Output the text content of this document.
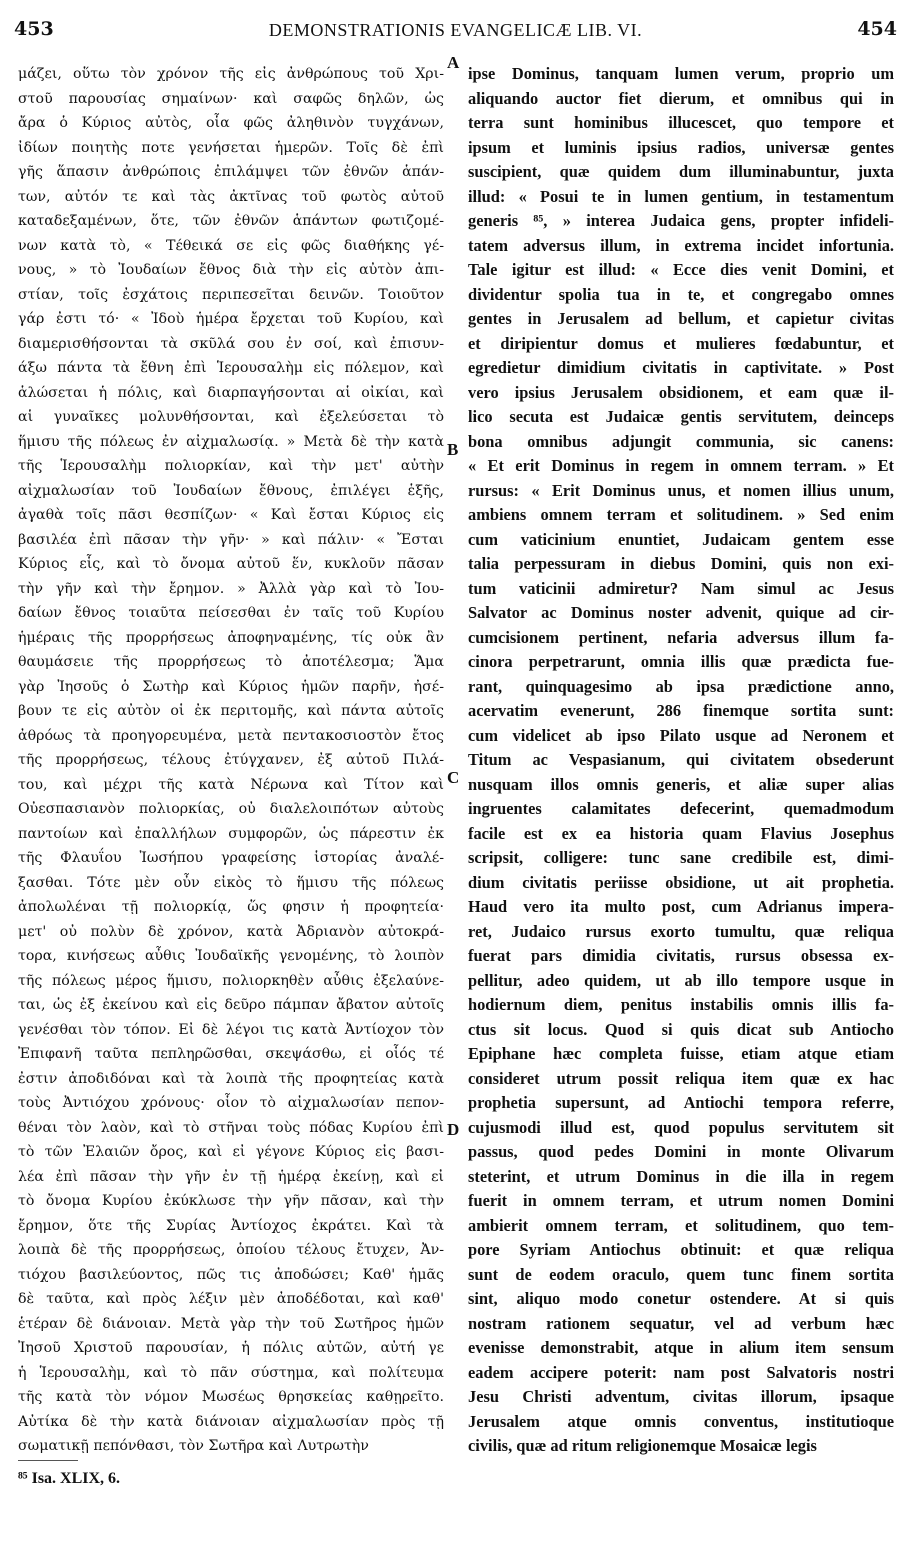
453	DEMONSTRATIONIS EVANGELICÆ LIB. VI.	454
μάζει, οὕτω τὸν χρόνον τῆς εἰς ἀνθρώπους τοῦ Χρι-
στοῦ παρουσίας σημαίνων· καὶ σαφῶς δηλῶν, ὡς
ἄρα ὁ Κύριος αὐτὸς, οἷα φῶς ἀληθινὸν τυγχάνων,
ἰδίων ποιητὴς ποτε γενήσεται ἡμερῶν. Τοῖς δὲ ἐπὶ
γῆς ἅπασιν ἀνθρώποις ἐπιλάμψει τῶν ἐθνῶν ἁπάν-
των, αὐτόν τε καὶ τὰς ἀκτῖνας τοῦ φωτὸς αὐτοῦ
καταδεξαμένων, ὅτε, τῶν ἐθνῶν ἁπάντων φωτιζομέ-
νων κατὰ τὸ, « Τέθεικά σε εἰς φῶς διαθήκης γέ-
νους, » τὸ Ἰουδαίων ἔθνος διὰ τὴν εἰς αὐτὸν ἀπι-
στίαν, τοῖς ἐσχάτοις περιπεσεῖται δεινῶν. Τοιοῦτον
γάρ ἐστι τό· « Ἰδοὺ ἡμέρα ἔρχεται τοῦ Κυρίου, καὶ
διαμερισθήσονται τὰ σκῦλά σου ἐν σοί, καὶ ἐπισυν-
άξω πάντα τὰ ἔθνη ἐπὶ Ἱερουσαλὴμ εἰς πόλεμον, καὶ
ἁλώσεται ἡ πόλις, καὶ διαρπαγήσονται αἱ οἰκίαι, καὶ
αἱ γυναῖκες μολυνθήσονται, καὶ ἐξελεύσεται τὸ
ἥμισυ τῆς πόλεως ἐν αἰχμαλωσίᾳ. » Μετὰ δὲ τὴν κατὰ
τῆς Ἱερουσαλὴμ πολιορκίαν, καὶ τὴν μετ' αὐτὴν
αἰχμαλωσίαν τοῦ Ἰουδαίων ἔθνους, ἐπιλέγει ἑξῆς,
ἀγαθὰ τοῖς πᾶσι θεσπίζων· « Καὶ ἔσται Κύριος εἰς
βασιλέα ἐπὶ πᾶσαν τὴν γῆν· » καὶ πάλιν· « Ἔσται
Κύριος εἷς, καὶ τὸ ὄνομα αὐτοῦ ἕν, κυκλοῦν πᾶσαν
τὴν γῆν καὶ τὴν ἔρημον. » Ἀλλὰ γὰρ καὶ τὸ Ἰου-
δαίων ἔθνος τοιαῦτα πείσεσθαι ἐν ταῖς τοῦ Κυρίου
ἡμέραις τῆς προρρήσεως ἀποφηναμένης, τίς οὐκ ἂν
θαυμάσειε τῆς προρρήσεως τὸ ἀποτέλεσμα; Ἅμα
γὰρ Ἰησοῦς ὁ Σωτὴρ καὶ Κύριος ἡμῶν παρῆν, ἠσέ-
βουν τε εἰς αὐτὸν οἱ ἐκ περιτομῆς, καὶ πάντα αὐτοῖς
ἀθρόως τὰ προηγορευμένα, μετὰ πεντακοσιοστὸν ἔτος
τῆς προρρήσεως, τέλους ἐτύγχανεν, ἐξ αὐτοῦ Πιλά-
του, καὶ μέχρι τῆς κατὰ Νέρωνα καὶ Τίτον καὶ
Οὐεσπασιανὸν πολιορκίας, οὐ διαλελοιπότων αὐτοὺς
παντοίων καὶ ἐπαλλήλων συμφορῶν, ὡς πάρεστιν ἐκ
τῆς Φλαυΐου Ἰωσήπου γραφείσης ἱστορίας ἀναλέ-
ξασθαι. Τότε μὲν οὖν εἰκὸς τὸ ἥμισυ τῆς πόλεως
ἀπολωλέναι τῇ πολιορκίᾳ, ὥς φησιν ἡ προφητεία·
μετ' οὐ πολὺν δὲ χρόνον, κατὰ Ἀδριανὸν αὐτοκρά-
τορα, κινήσεως αὖθις Ἰουδαϊκῆς γενομένης, τὸ λοιπὸν
τῆς πόλεως μέρος ἥμισυ, πολιορκηθὲν αὖθις ἐξελαύνε-
ται, ὡς ἐξ ἐκείνου καὶ εἰς δεῦρο πάμπαν ἄβατον αὐτοῖς
γενέσθαι τὸν τόπον. Εἰ δὲ λέγοι τις κατὰ Ἀντίοχον τὸν
Ἐπιφανῆ ταῦτα πεπληρῶσθαι, σκεψάσθω, εἰ οἷός τέ
ἐστιν ἀποδιδόναι καὶ τὰ λοιπὰ τῆς προφητείας κατὰ
τοὺς Ἀντιόχου χρόνους· οἷον τὸ αἰχμαλωσίαν πεπον-
θέναι τὸν λαὸν, καὶ τὸ στῆναι τοὺς πόδας Κυρίου ἐπὶ
τὸ τῶν Ἐλαιῶν ὄρος, καὶ εἰ γέγονε Κύριος εἰς βασι-
λέα ἐπὶ πᾶσαν τὴν γῆν ἐν τῇ ἡμέρᾳ ἐκείνῃ, καὶ εἰ
τὸ ὄνομα Κυρίου ἐκύκλωσε τὴν γῆν πᾶσαν, καὶ τὴν
ἔρημον, ὅτε τῆς Συρίας Ἀντίοχος ἐκράτει. Καὶ τὰ
λοιπὰ δὲ τῆς προρρήσεως, ὁποίου τέλους ἔτυχεν, Ἀν-
τιόχου βασιλεύοντος, πῶς τις ἀποδώσει; Καθ' ἡμᾶς
δὲ ταῦτα, καὶ πρὸς λέξιν μὲν ἀποδέδοται, καὶ καθ'
ἑτέραν δὲ διάνοιαν. Μετὰ γὰρ τὴν τοῦ Σωτῆρος ἡμῶν
Ἰησοῦ Χριστοῦ παρουσίαν, ἡ πόλις αὐτῶν, αὐτή γε
ἡ Ἱερουσαλὴμ, καὶ τὸ πᾶν σύστημα, καὶ πολίτευμα
τῆς κατὰ τὸν νόμον Μωσέως θρησκείας καθῃρεῖτο.
Αὐτίκα δὲ τὴν κατὰ διάνοιαν αἰχμαλωσίαν πρὸς τῇ
σωματικῇ πεπόνθασι, τὸν Σωτῆρα καὶ Λυτρωτὴν
ipse Dominus, tanquam lumen verum, proprio um
aliquando auctor fiet dierum, et omnibus qui in
terra sunt hominibus illucescet, quo tempore et
ipsum et luminis ipsius radios, universæ gentes
suscipient, quæ quidem dum illuminabuntur, juxta
illud: « Posui te in lumen gentium, in testamentum
generis ⁸⁵, » interea Judaica gens, propter infideli-
tatem adversus illum, in extrema incidet infortunia.
Tale igitur est illud: « Ecce dies venit Domini, et
dividentur spolia tua in te, et congregabo omnes
gentes in Jerusalem ad bellum, et capietur civitas
et diripientur domus et mulieres fœdabuntur, et
egredietur dimidium civitatis in captivitate. » Post
vero ipsius Jerusalem obsidionem, et eam quæ il-
lico secuta est Judaicæ gentis servitutem, deinceps
bona omnibus adjungit communia, sic canens:
« Et erit Dominus in regem in omnem terram. » Et
rursus: « Erit Dominus unus, et nomen illius unum,
ambiens omnem terram et solitudinem. » Sed enim
cum vaticinium enuntiet, Judaicam gentem esse
talia perpessuram in diebus Domini, quis non exi-
tum vaticinii admiretur? Nam simul ac Jesus
Salvator ac Dominus noster advenit, quique ad cir-
cumcisionem pertinent, nefaria adversus illum fa-
cinora perpetrarunt, omnia illis quæ prædicta fue-
rant, quinquagesimo ab ipsa prædictione anno,
acervatim evenerunt, 286 finemque sortita sunt:
cum videlicet ab ipso Pilato usque ad Neronem et
Titum ac Vespasianum, qui civitatem obsederunt
nusquam illos omnis generis, et aliæ super alias
ingruentes calamitates defecerint, quemadmodum
facile est ex ea historia quam Flavius Josephus
scripsit, colligere: tunc sane credibile est, dimi-
dium civitatis periisse obsidione, ut ait prophetia.
Haud vero ita multo post, cum Adrianus impera-
ret, Judaico rursus exorto tumultu, quæ reliqua
fuerat pars dimidia civitatis, rursus obsessa ex-
pellitur, adeo quidem, ut ab illo tempore usque in
hodiernum diem, penitus instabilis omnis illis fa-
ctus sit locus. Quod si quis dicat sub Antiocho
Epiphane hæc completa fuisse, etiam atque etiam
consideret utrum possit reliqua item quæ ex hac
prophetia supersunt, ad Antiochi tempora referre,
cujusmodi illud est, quod populus servitutem sit
passus, quod pedes Domini in monte Olivarum
steterint, et utrum Dominus in die illa in regem
fuerit in omnem terram, et utrum nomen Domini
ambierit omnem terram, et solitudinem, quo tem-
pore Syriam Antiochus obtinuit: et quæ reliqua
sunt de eodem oraculo, quem tunc finem sortita
sint, aliquo modo conetur ostendere. At si quis
nostram rationem sequatur, vel ad verbum hæc
evenisse demonstrabit, atque in alium item sensum
eadem accipere poterit: nam post Salvatoris nostri
Jesu Christi adventum, civitas illorum, ipsaque
Jerusalem atque omnis conventus, institutioque
civilis, quæ ad ritum religionemque Mosaicæ legis
A
B
C
D
⁸⁵ Isa. XLIX, 6.
